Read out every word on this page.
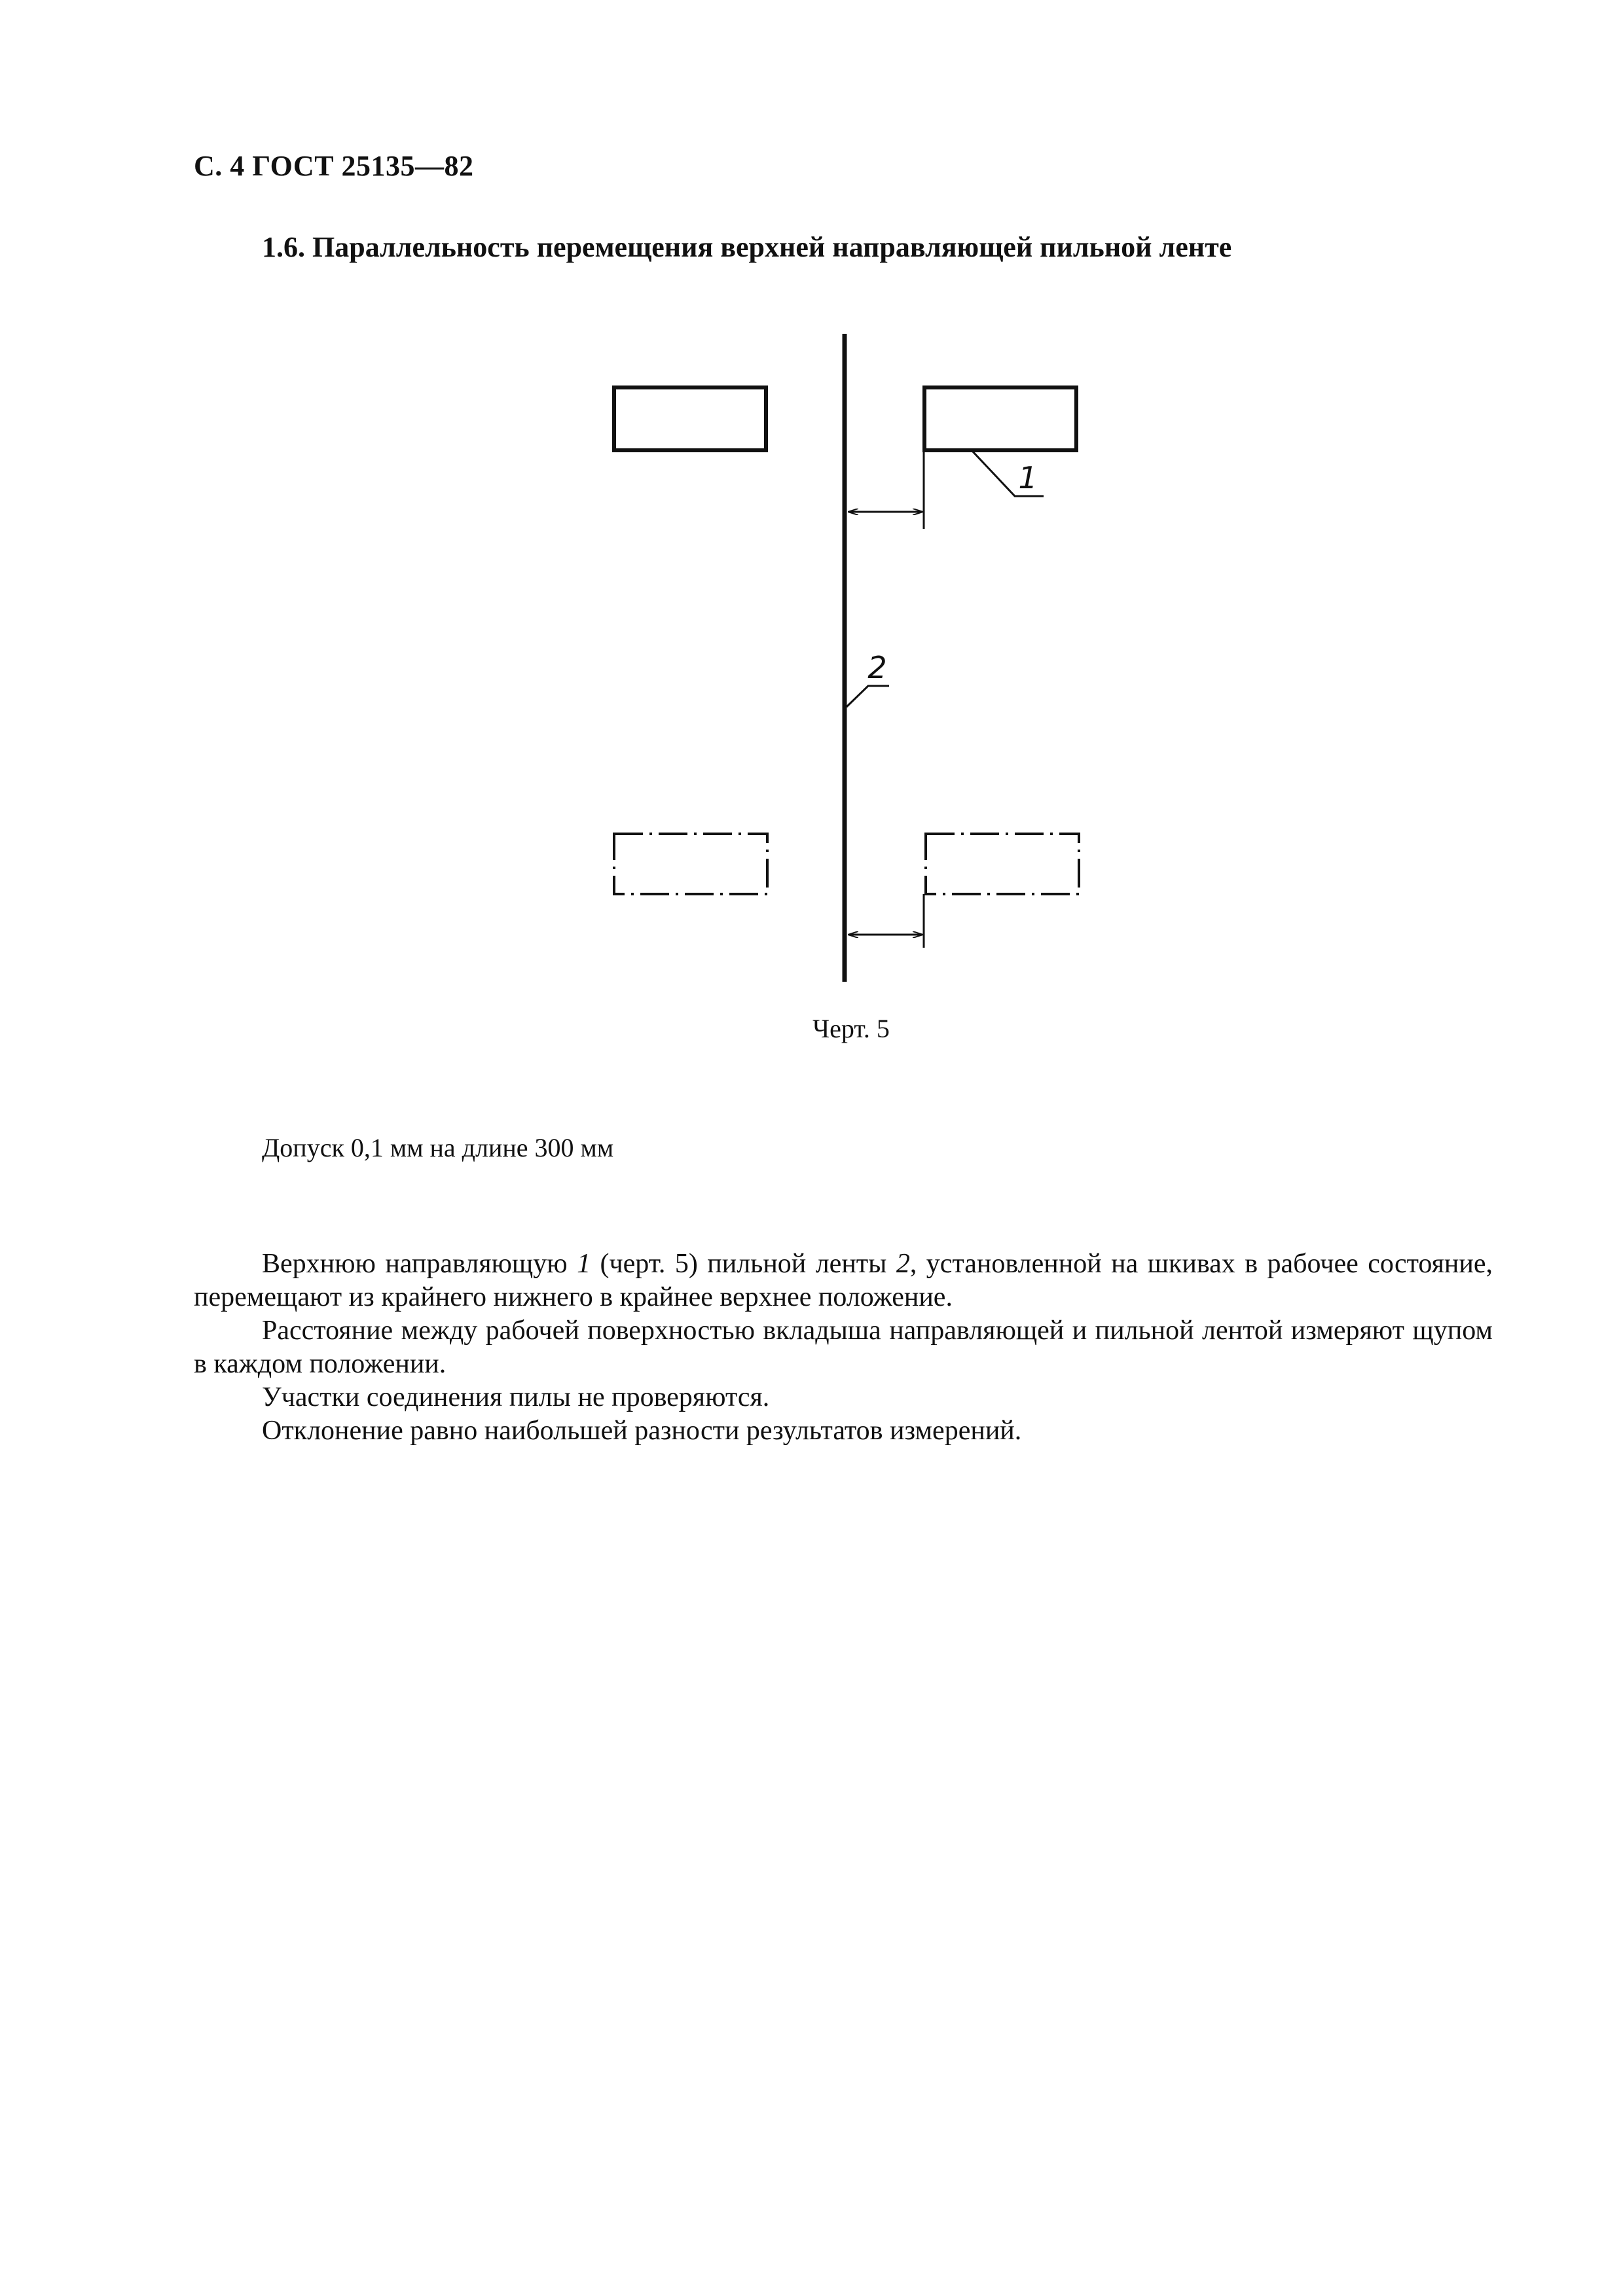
С. 4 ГОСТ 25135—82
1.6. Параллельность перемещения верхней направляющей пильной ленте
1
2
Черт. 5
Допуск 0,1 мм на длине 300 мм

Верхнюю направляющую 1 (черт. 5) пильной ленты 2, установленной на шкивах в рабочее состояние, перемещают из крайнего нижнего в крайнее верхнее положение.

Расстояние между рабочей поверхностью вкладыша направляющей и пильной лентой измеряют щупом в каждом положении.

Участки соединения пилы не проверяются.

Отклонение равно наибольшей разности результатов измерений.
